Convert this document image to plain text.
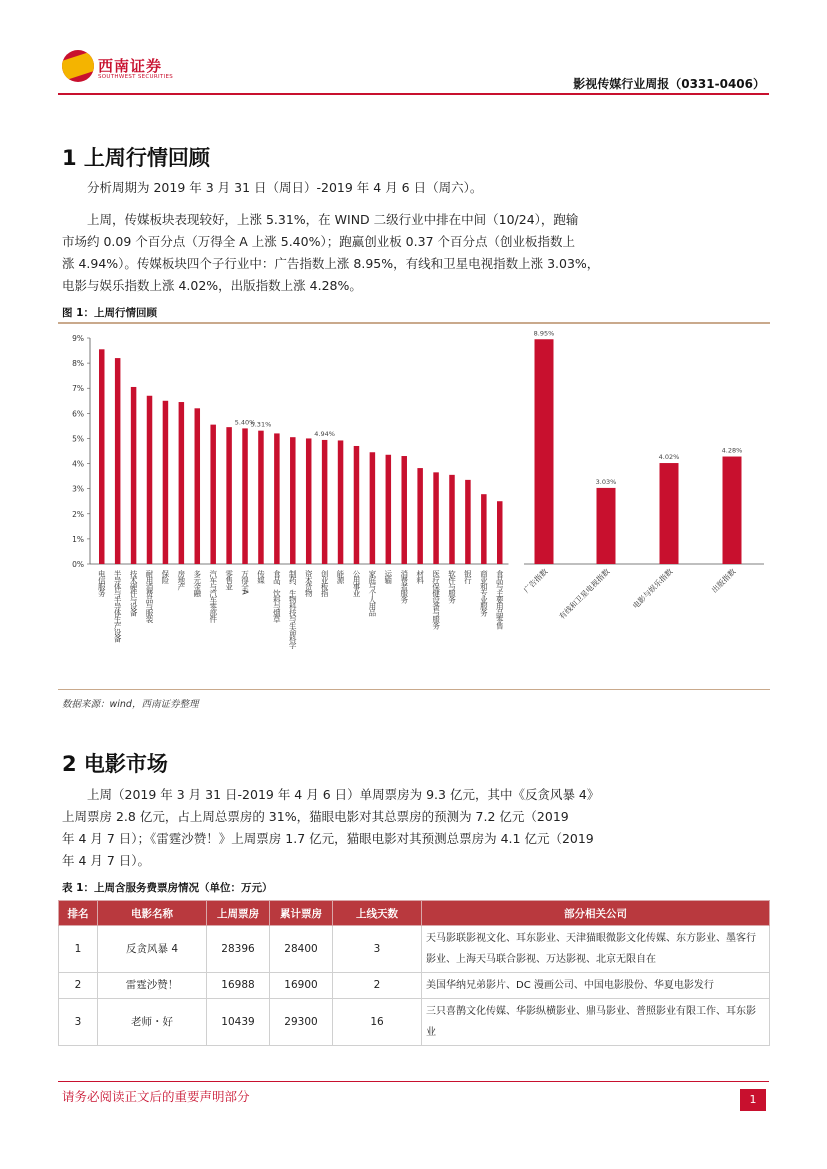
西南证券
SOUTHWEST SECURITIES	影视传媒行业周报（0331-0406）
1 上周行情回顾
分析周期为 2019 年 3 月 31 日（周日）-2019 年 4 月 6 日（周六）。
上周，传媒板块表现较好，上涨 5.31%，在 WIND 二级行业中排在中间（10/24），跑输
市场约 0.09 个百分点（万得全 A 上涨 5.40%）；跑赢创业板 0.37 个百分点（创业板指数上
涨 4.94%）。传媒板块四个子行业中：广告指数上涨 8.95%，有线和卫星电视指数上涨 3.03%，
电影与娱乐指数上涨 4.02%，出版指数上涨 4.28%。
图 1：上周行情回顾
0%
1%
2%
3%
4%
5%
6%
7%
8%
9%
电信服务 半导体与半导体生产设备 技术硬件与设备 耐用消费品与服装 保险 房地产 多元金融 汽车与汽车零部件 零售业
5.40%
万得全A
5.31%
传媒 食品、饮料与烟草 制药、生物科技与生命科学 资本货物
4.94%
创业板指 能源 公用事业 家庭与个人用品 运输 消费者服务 材料 医疗保健设备与服务 软件与服务 银行 商业和专业服务 食品与主要用品零售
8.95%
广告指数
3.03%
有线和卫星电视指数
4.02%
电影与娱乐指数
4.28%
出版指数
数据来源：wind，西南证券整理
2 电影市场
上周（2019 年 3 月 31 日-2019 年 4 月 6 日）单周票房为 9.3 亿元，其中《反贪风暴 4》
上周票房 2.8 亿元，占上周总票房的 31%，猫眼电影对其总票房的预测为 7.2 亿元（2019
年 4 月 7 日）；《雷霆沙赞！》上周票房 1.7 亿元，猫眼电影对其预测总票房为 4.1 亿元（2019
年 4 月 7 日）。
表 1：上周含服务费票房情况（单位：万元）
排名	电影名称	上周票房	累计票房	上线天数	部分相关公司
1	反贪风暴 4	28396	28400	3	天马影联影视文化、耳东影业、天津猫眼微影文化传媒、东方影业、墨客行影业、上海天马联合影视、万达影视、北京无限自在
2	雷霆沙赞！	16988	16900	2	美国华纳兄弟影片、DC 漫画公司、中国电影股份、华夏电影发行
3	老师・好	10439	29300	16	三只喜鹊文化传媒、华影纵横影业、鼎马影业、普照影业有限工作、耳东影业
请务必阅读正文后的重要声明部分	1
